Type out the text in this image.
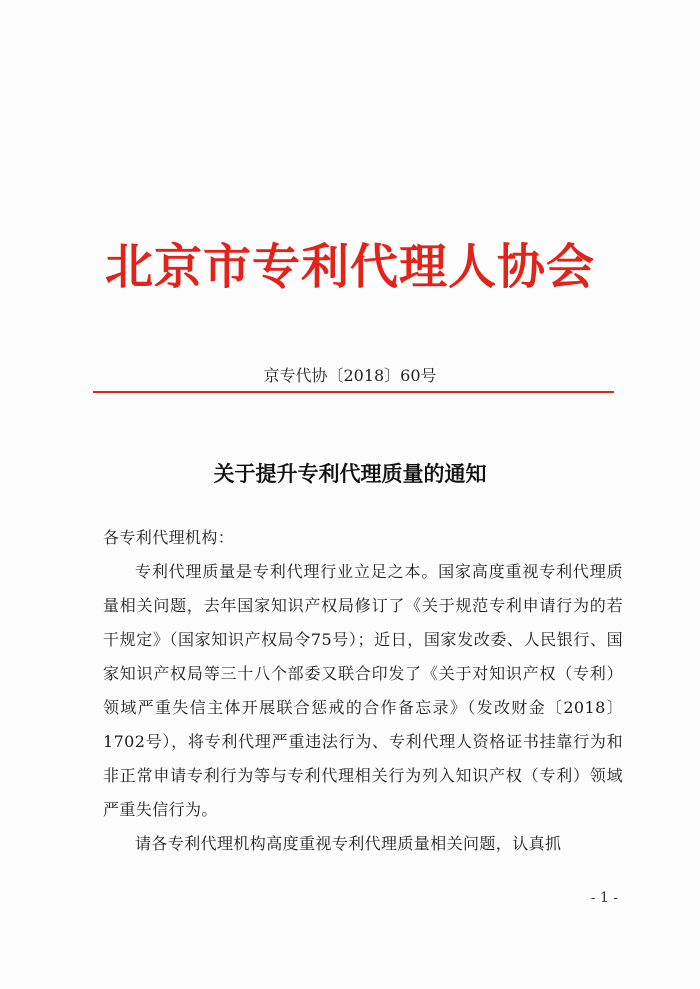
北京市专利代理人协会
京专代协〔2018〕60号
关于提升专利代理质量的通知

各专利代理机构：

专利代理质量是专利代理行业立足之本。国家高度重视专利代理质量相关问题，去年国家知识产权局修订了《关于规范专利申请行为的若干规定》（国家知识产权局令75号）；近日，国家发改委、人民银行、国家知识产权局等三十八个部委又联合印发了《关于对知识产权（专利）领域严重失信主体开展联合惩戒的合作备忘录》（发改财金〔2018〕1702号），将专利代理严重违法行为、专利代理人资格证书挂靠行为和非正常申请专利行为等与专利代理相关行为列入知识产权（专利）领域严重失信行为。

请各专利代理机构高度重视专利代理质量相关问题，认真抓

- 1 -
